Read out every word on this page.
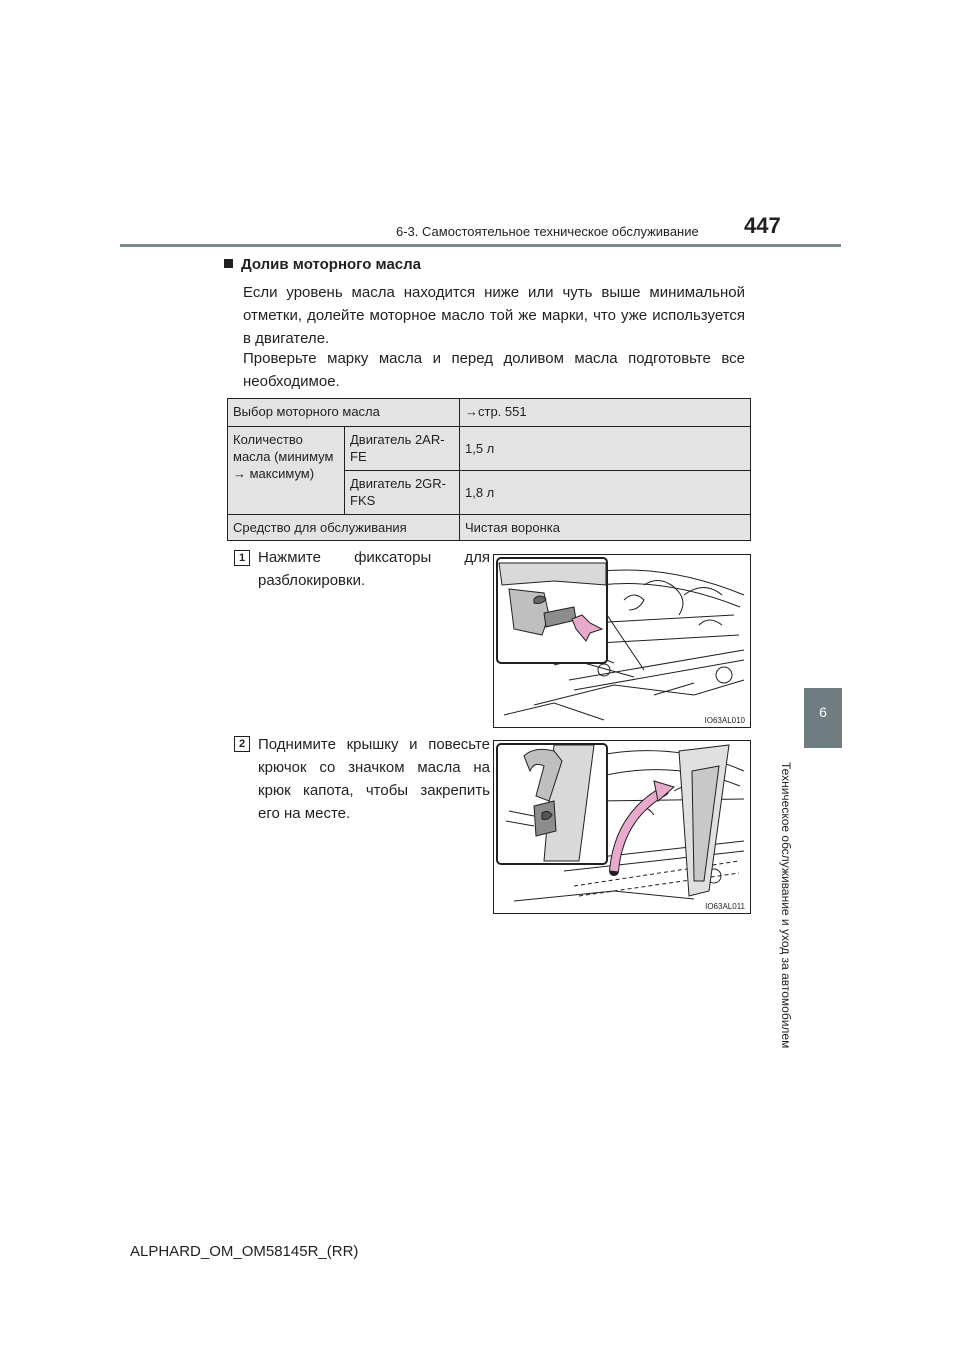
6-3. Самостоятельное техническое обслуживание 447
6
Техническое обслуживание и уход за автомобилем
Долив моторного масла
Если уровень масла находится ниже или чуть выше минимальной отметки, долейте моторное масло той же марки, что уже используется в двигателе.
Проверьте марку масла и перед доливом масла подготовьте все необходимое.
Выбор моторного масла		→стр. 551
Количество масла (минимум → максимум)	Двигатель 2AR-FE	1,5 л
	Двигатель 2GR-FKS	1,8 л
Средство для обслуживания		Чистая воронка
1 Нажмите фиксаторы для разблокировки.
IO63AL010
2 Поднимите крышку и повесьте крючок со значком масла на крюк капота, чтобы закрепить его на месте.
IO63AL011
ALPHARD_OM_OM58145R_(RR)
